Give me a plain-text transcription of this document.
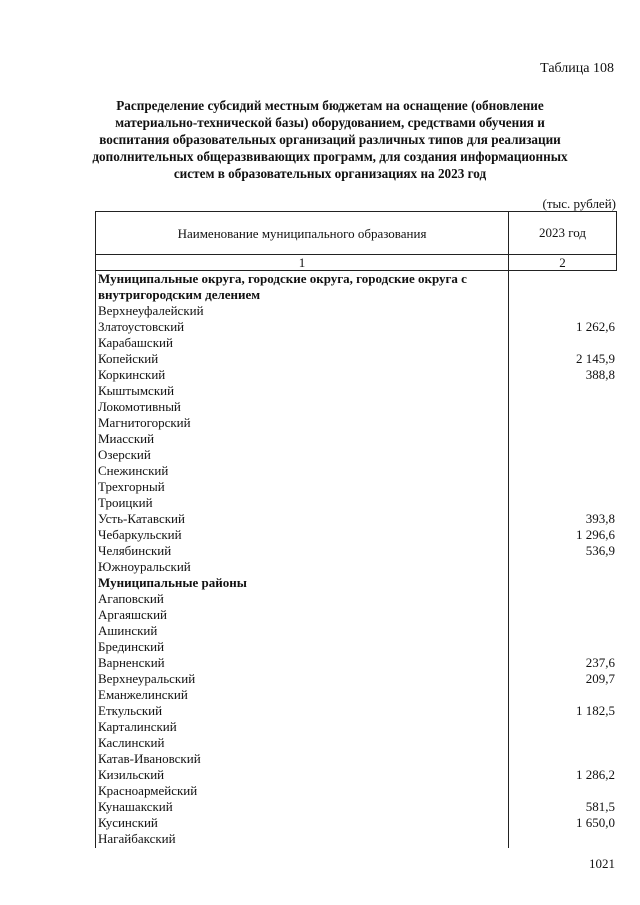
Таблица 108
Распределение субсидий местным бюджетам на оснащение (обновление материально-технической базы) оборудованием, средствами обучения и воспитания образовательных организаций различных типов для реализации дополнительных общеразвивающих программ, для создания информационных систем в образовательных организациях на 2023 год
(тыс. рублей)
Наименование муниципального образования	2023 год
1	2
Муниципальные округа, городские округа, городские округа с внутригородским делением
Верхнеуфалейский
Златоустовский	1 262,6
Карабашский
Копейский	2 145,9
Коркинский	388,8
Кыштымский
Локомотивный
Магнитогорский
Миасский
Озерский
Снежинский
Трехгорный
Троицкий
Усть-Катавский	393,8
Чебаркульский	1 296,6
Челябинский	536,9
Южноуральский
Муниципальные районы
Агаповский
Аргаяшский
Ашинский
Брединский
Варненский	237,6
Верхнеуральский	209,7
Еманжелинский
Еткульский	1 182,5
Карталинский
Каслинский
Катав-Ивановский
Кизильский	1 286,2
Красноармейский
Кунашакский	581,5
Кусинский	1 650,0
Нагайбакский
1021
